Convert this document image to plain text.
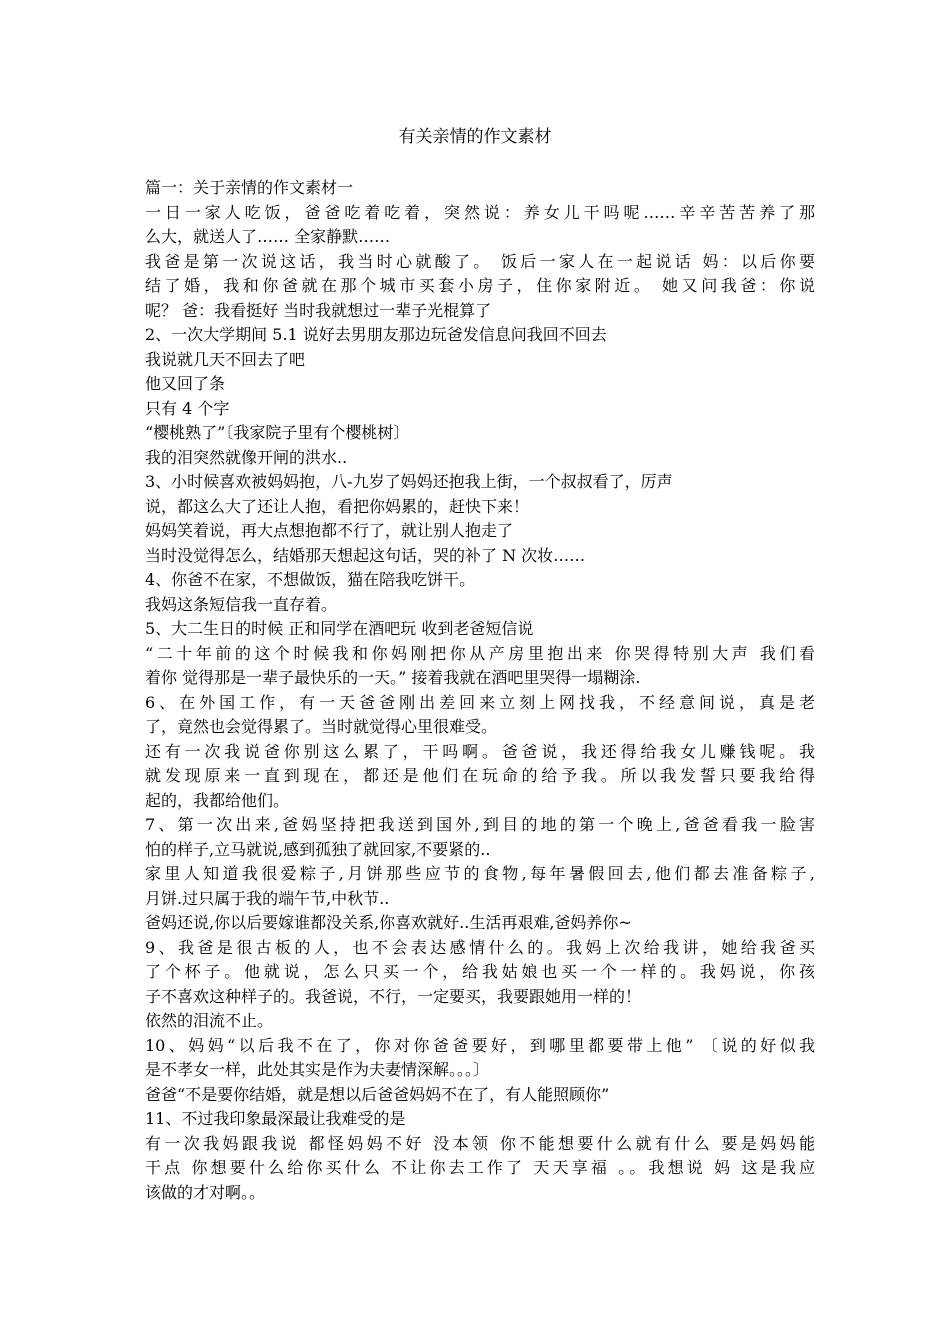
有关亲情的作文素材
篇一：关于亲情的作文素材一
一日一家人吃饭，爸爸吃着吃着，突然说：养女儿干吗呢……辛辛苦苦养了那
么大，就送人了…… 全家静默……
我爸是第一次说这话，我当时心就酸了。 饭后一家人在一起说话 妈：以后你要
结了婚，我和你爸就在那个城市买套小房子，住你家附近。 她又问我爸：你说
呢？ 爸：我看挺好 当时我就想过一辈子光棍算了
2、一次大学期间 5.1 说好去男朋友那边玩爸发信息问我回不回去
我说就几天不回去了吧
他又回了条
只有 4 个字
“樱桃熟了”〔我家院子里有个樱桃树〕
我的泪突然就像开闸的洪水..
3、小时候喜欢被妈妈抱，八-九岁了妈妈还抱我上街，一个叔叔看了，厉声
说，都这么大了还让人抱，看把你妈累的，赶快下来！
妈妈笑着说，再大点想抱都不行了，就让别人抱走了
当时没觉得怎么，结婚那天想起这句话，哭的补了 N 次妆……
4、你爸不在家，不想做饭，猫在陪我吃饼干。
我妈这条短信我一直存着。
5、大二生日的时候 正和同学在酒吧玩 收到老爸短信说
“二十年前的这个时候我和你妈刚把你从产房里抱出来 你哭得特别大声 我们看
着你 觉得那是一辈子最快乐的一天。” 接着我就在酒吧里哭得一塌糊涂.
6、在外国工作，有一天爸爸刚出差回来立刻上网找我，不经意间说，真是老
了，竟然也会觉得累了。当时就觉得心里很难受。
还有一次我说爸你别这么累了，干吗啊。爸爸说，我还得给我女儿赚钱呢。我
就发现原来一直到现在，都还是他们在玩命的给予我。所以我发誓只要我给得
起的，我都给他们。
7、第一次出来,爸妈坚持把我送到国外,到目的地的第一个晚上,爸爸看我一脸害
怕的样子,立马就说,感到孤独了就回家,不要紧的..
家里人知道我很爱粽子,月饼那些应节的食物,每年暑假回去,他们都去准备粽子,
月饼.过只属于我的端午节,中秋节..
爸妈还说,你以后要嫁谁都没关系,你喜欢就好..生活再艰难,爸妈养你~
9、我爸是很古板的人，也不会表达感情什么的。我妈上次给我讲，她给我爸买
了个杯子。他就说，怎么只买一个，给我姑娘也买一个一样的。我妈说，你孩
子不喜欢这种样子的。我爸说，不行，一定要买，我要跟她用一样的！
依然的泪流不止。
10、妈妈“以后我不在了，你对你爸爸要好，到哪里都要带上他” 〔说的好似我
是不孝女一样，此处其实是作为夫妻情深解。。。〕
爸爸“不是要你结婚，就是想以后爸爸妈妈不在了，有人能照顾你”
11、不过我印象最深最让我难受的是
有一次我妈跟我说 都怪妈妈不好 没本领 你不能想要什么就有什么 要是妈妈能
干点 你想要什么给你买什么 不让你去工作了 天天享福 。。我想说 妈 这是我应
该做的才对啊。。
